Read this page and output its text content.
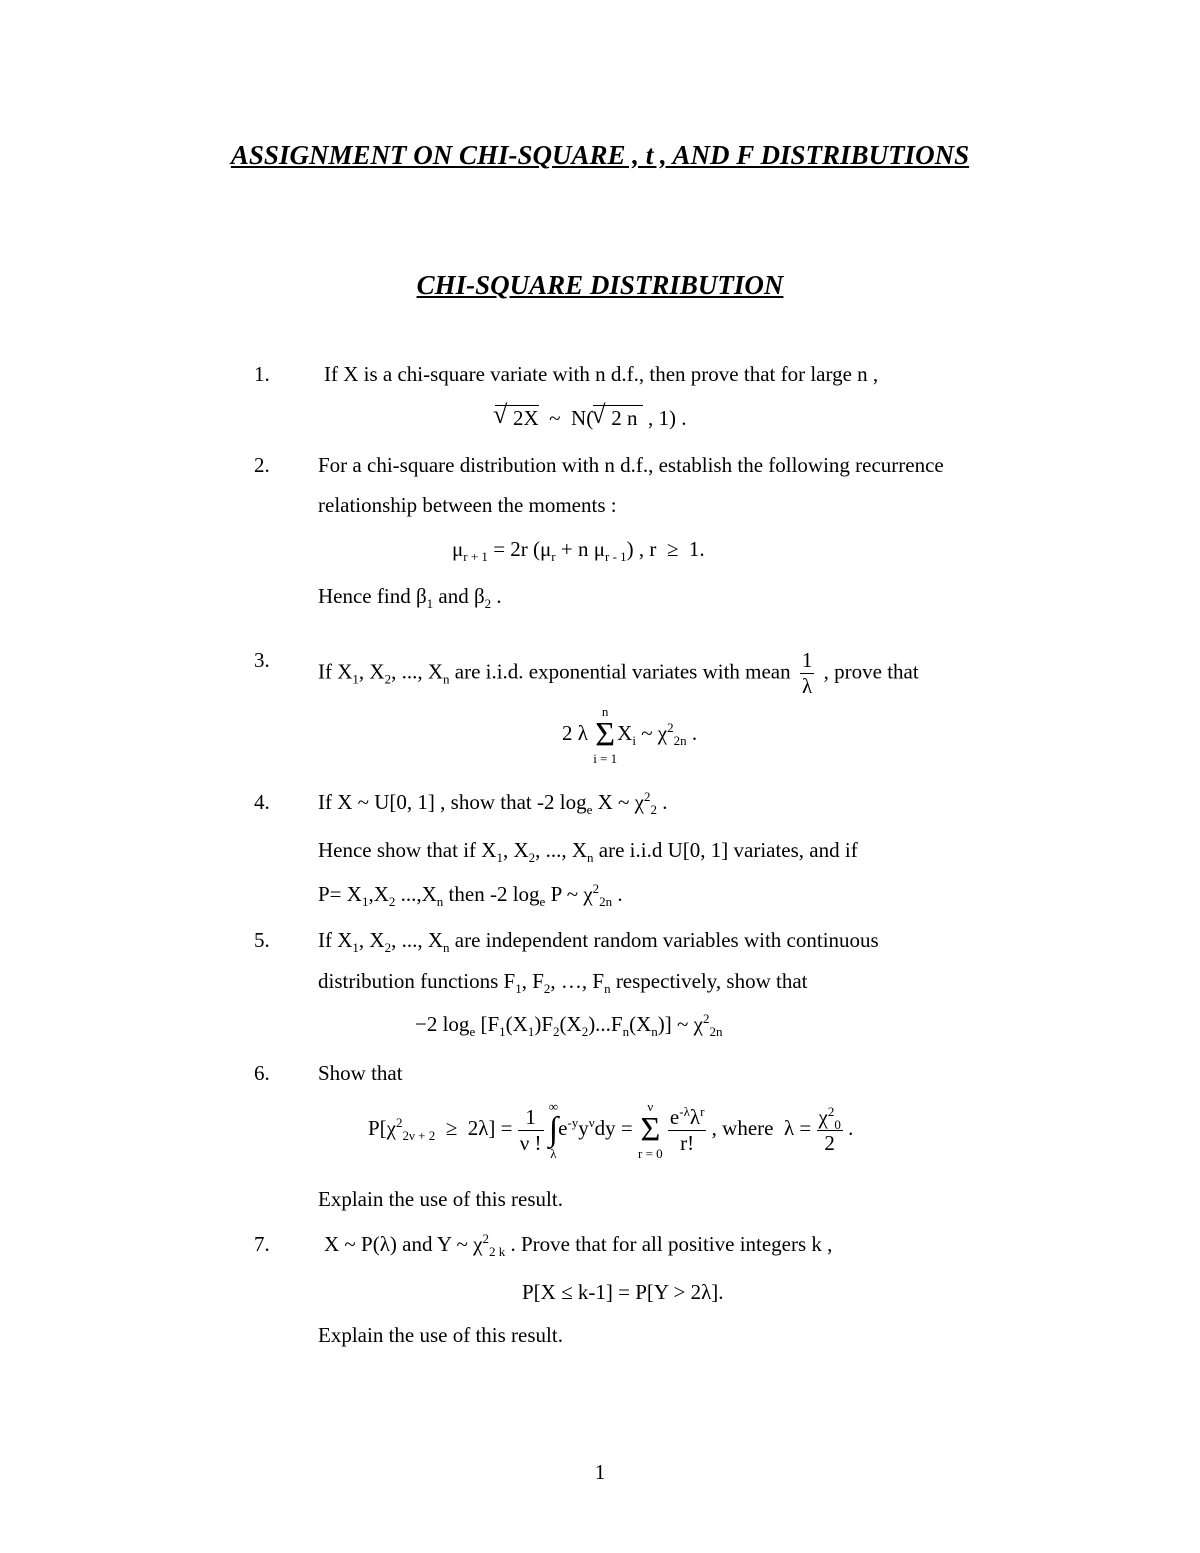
ASSIGNMENT ON CHI-SQUARE , t , AND F DISTRIBUTIONS
CHI-SQUARE DISTRIBUTION
1.	If X is a chi-square variate with n d.f., then prove that for large n ,
√ 2X  ~  N(√ 2 n  , 1) .
2. For a chi-square distribution with n d.f., establish the following recurrence
relationship between the moments :
$\mu_{r + 1} = 2r$ ($\mu_r + n$ $\mu_{r - 1}$) , r  ≥  1.
Hence find $\beta_1$ and $\beta_2$ .
3. If $X_1$, $X_2$, ..., $X_n$ are i.i.d. exponential variates with mean $\frac{1}{\lambda}$ , prove that
2 λ
n
Σ
i = 1
$X_i$ ~ $\chi^2_{2n}$ .
4. If X ~ U[0, 1] , show that -2 $\log_e X$ ~ $\chi^2_2$ .
Hence show that if $X_1$, $X_2$, ..., $X_n$ are i.i.d U[0, 1] variates, and if
$P= X_1,X_2$ $...,X_n$ then -2 $\log_e P$ ~ $\chi^2_{2n}$ .
5. If $X_1$, $X_2$, ..., $X_n$ are independent random variables with continuous
distribution functions $F_1$, $F_2$, …, $F_n$ respectively, show that
−2 $\log_e [F_1(X_1)F_2(X_2)...F_n(X_n)]$ ~ $\chi^2_{2n}$
6. Show that
$P[\chi^2_{2\nu + 2} \ge 2\lambda] = \frac{1}{\nu !}$
∞
∫
λ
$e^{-y}y^\nu dy$ =
ν
Σ
r = 0
$\frac{e^{-\lambda}\lambda^r}{r!}$ , where  $\lambda = \frac{\chi^2_0}{2}$ .
Explain the use of this result.
7.	X ~ P(λ) and Y ~ $\chi^2_{2 k}$ . Prove that for all positive integers k ,
P[X ≤ k-1] = P[Y > 2λ].
Explain the use of this result.
1
